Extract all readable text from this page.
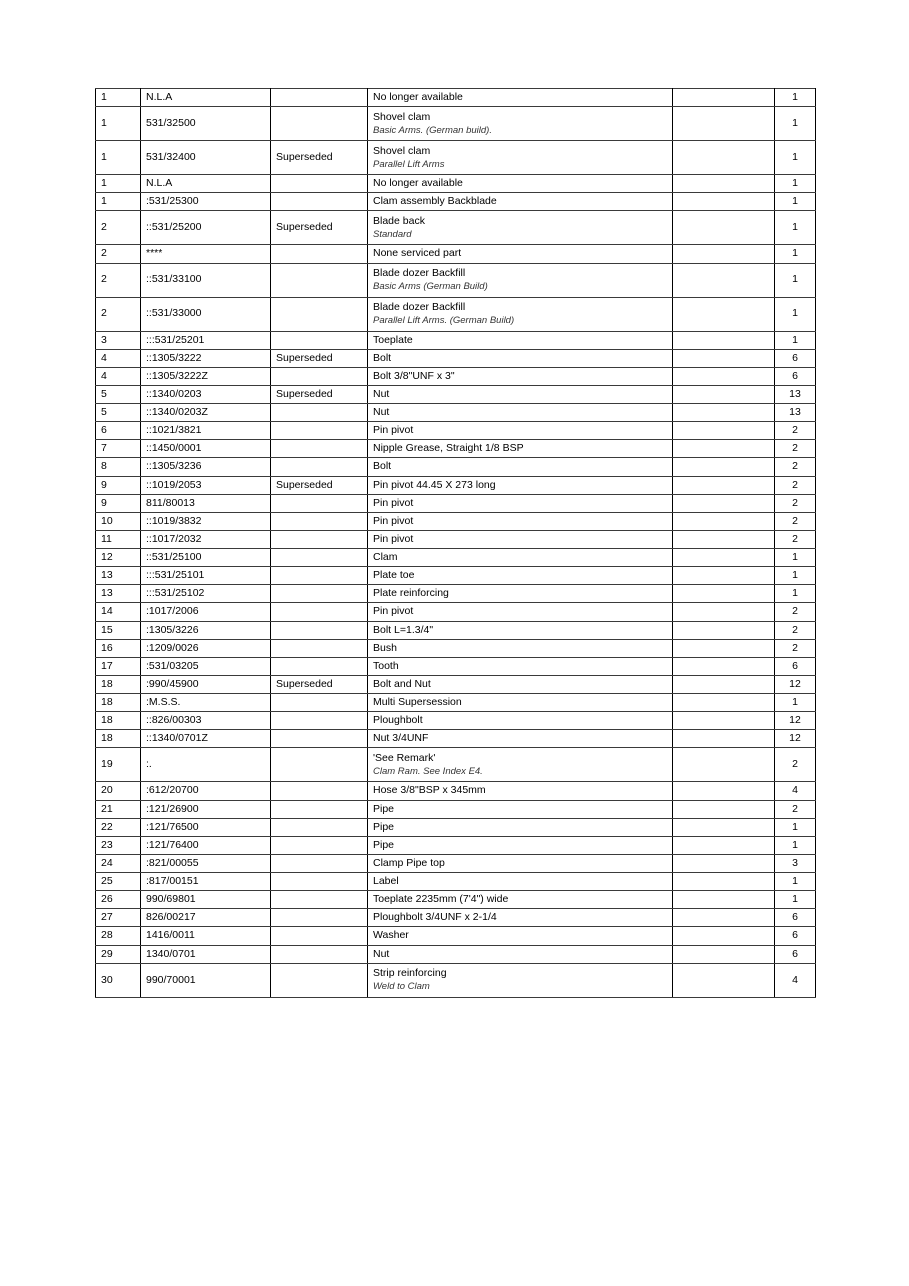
1	N.L.A		No longer available		1
1	531/32500		Shovel clam
Basic Arms. (German build).		1
1	531/32400	Superseded	Shovel clam
Parallel Lift Arms		1
1	N.L.A		No longer available		1
1	:531/25300		Clam assembly Backblade		1
2	::531/25200	Superseded	Blade back
Standard		1
2	****		None serviced part		1
2	::531/33100		Blade dozer Backfill
Basic Arms (German Build)		1
2	::531/33000		Blade dozer Backfill
Parallel Lift Arms. (German Build)		1
3	:::531/25201		Toeplate		1
4	::1305/3222	Superseded	Bolt		6
4	::1305/3222Z		Bolt 3/8"UNF x 3"		6
5	::1340/0203	Superseded	Nut		13
5	::1340/0203Z		Nut		13
6	::1021/3821		Pin pivot		2
7	::1450/0001		Nipple Grease, Straight 1/8 BSP		2
8	::1305/3236		Bolt		2
9	::1019/2053	Superseded	Pin pivot 44.45 X 273 long		2
9	811/80013		Pin pivot		2
10	::1019/3832		Pin pivot		2
11	::1017/2032		Pin pivot		2
12	::531/25100		Clam		1
13	:::531/25101		Plate toe		1
13	:::531/25102		Plate reinforcing		1
14	:1017/2006		Pin pivot		2
15	:1305/3226		Bolt L=1.3/4"		2
16	:1209/0026		Bush		2
17	:531/03205		Tooth		6
18	:990/45900	Superseded	Bolt and Nut		12
18	:M.S.S.		Multi Supersession		1
18	::826/00303		Ploughbolt		12
18	::1340/0701Z		Nut 3/4UNF		12
19	:.		'See Remark'
Clam Ram. See Index E4.		2
20	:612/20700		Hose 3/8"BSP x 345mm		4
21	:121/26900		Pipe		2
22	:121/76500		Pipe		1
23	:121/76400		Pipe		1
24	:821/00055		Clamp Pipe top		3
25	:817/00151		Label		1
26	990/69801		Toeplate 2235mm (7'4") wide		1
27	826/00217		Ploughbolt 3/4UNF x 2-1/4		6
28	1416/0011		Washer		6
29	1340/0701		Nut		6
30	990/70001		Strip reinforcing
Weld to Clam		4
